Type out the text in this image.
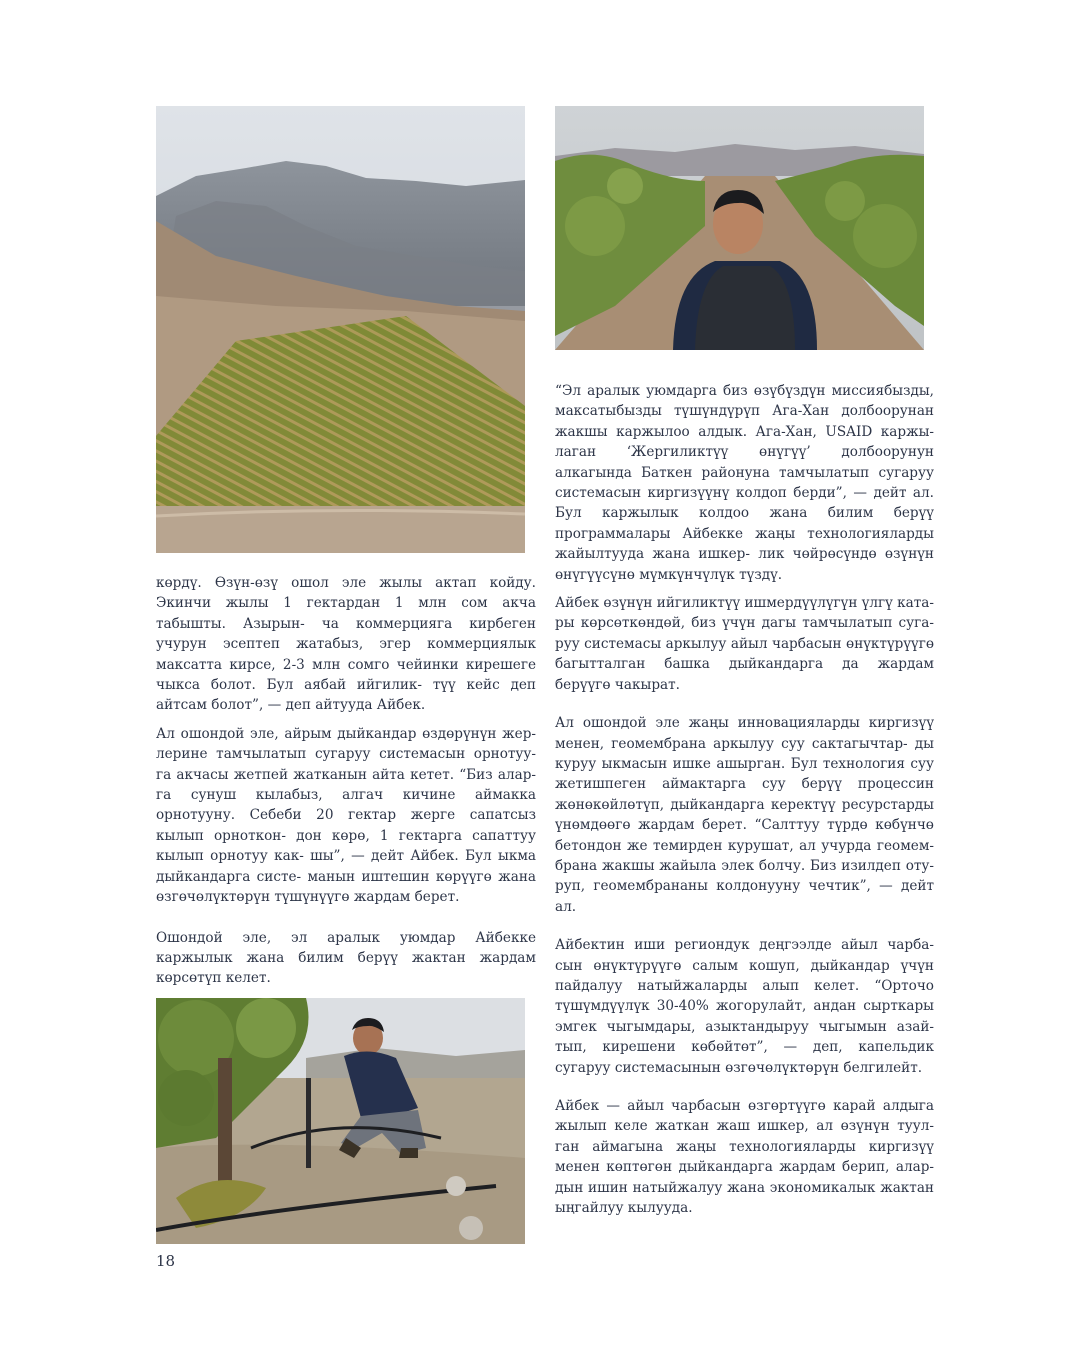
көрдү. Өзүн-өзү ошол эле жылы актап койду. Экинчи жылы 1 гектардан 1 млн сом акча табышты. Азырын- ча коммерцияга кирбеген учурун эсептеп жатабыз, эгер коммерциялык максатта кирсе, 2-3 млн сомго чейинки кирешеге чыкса болот. Бул аябай ийгилик- түү кейс деп айтсам болот”, — деп айтууда Айбек.

Ал ошондой эле, айрым дыйкандар өздөрүнүн жер- лерине тамчылатып сугаруу системасын орнотуу- га акчасы жетпей жатканын айта кетет. “Биз алар- га сунуш кылабыз, алгач кичине аймакка орнотууну. Себеби 20 гектар жерге сапатсыз кылып орноткон- дон көрө, 1 гектарга сапаттуу кылып орнотуу как- шы”, — дейт Айбек. Бул ыкма дыйкандарга систе- манын иштешин көрүүгө жана өзгөчөлүктөрүн түшүнүүгө жардам берет.

Ошондой эле, эл аралык уюмдар Айбекке каржылык жана билим берүү жактан жардам көрсөтүп келет.

“Эл аралык уюмдарга биз өзүбүздүн миссиябызды, максатыбызды түшүндүрүп Ага-Хан долбоорунан жакшы каржылоо алдык. Ага-Хан, USAID каржы- лаган ‘Жергиликтүү өнүгүү’ долбоорунун алкагында Баткен районуна тамчылатып сугаруу системасын киргизүүнү колдоп берди”, — дейт ал. Бул каржылык колдоо жана билим берүү программалары Айбекке жаңы технологияларды жайылтууда жана ишкер- лик чөйрөсүндө өзүнүн өнүгүүсүнө мүмкүнчүлүк түздү.

Айбек өзүнүн ийгиликтүү ишмердүүлүгүн үлгү ката- ры көрсөткөндөй, биз үчүн дагы тамчылатып суга- руу системасы аркылуу айыл чарбасын өнүктүрүүгө багытталган башка дыйкандарга да жардам берүүгө чакырат.

Ал ошондой эле жаңы инновацияларды киргизүү менен, геомембрана аркылуу суу сактагычтар- ды куруу ыкмасын ишке ашырган. Бул технология суу жетишпеген аймактарга суу берүү процессин жөнөкөйлөтүп, дыйкандарга керектүү ресурстарды үнөмдөөгө жардам берет. “Салттуу түрдө көбүнчө бетондон же темирден курушат, ал учурда геомем- брана жакшы жайыла элек болчу. Биз изилдеп оту- руп, геомембрананы колдонууну чечтик”, — дейт ал.

Айбектин иши региондук деңгээлде айыл чарба- сын өнүктүрүүгө салым кошуп, дыйкандар үчүн пайдалуу натыйжаларды алып келет. “Орточо түшүмдүүлүк 30-40% жогорулайт, андан сырткары эмгек чыгымдары, азыктандыруу чыгымын азай- тып, кирешени көбөйтөт”, — деп, капельдик сугаруу системасынын өзгөчөлүктөрүн белгилейт.

Айбек — айыл чарбасын өзгөртүүгө карай алдыга жылып келе жаткан жаш ишкер, ал өзүнүн туул- ган аймагына жаңы технологияларды киргизүү менен көптөгөн дыйкандарга жардам берип, алар- дын ишин натыйжалуу жана экономикалык жактан ыңгайлуу кылууда.

18
